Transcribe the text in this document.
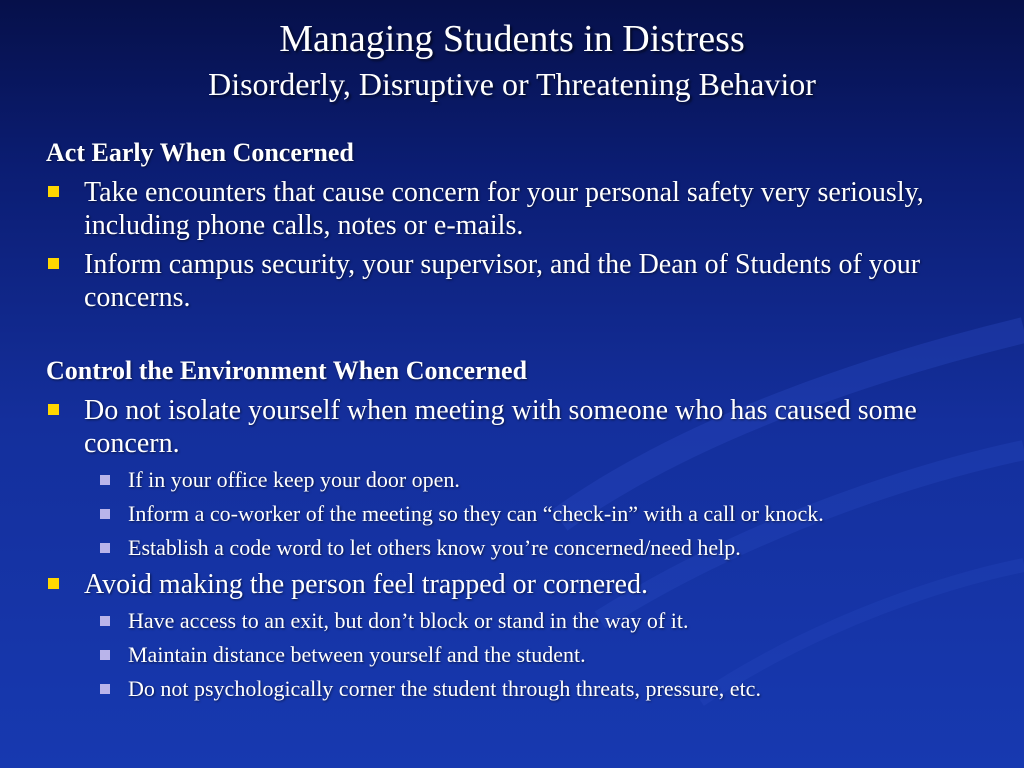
Managing Students in Distress
Disorderly, Disruptive or Threatening Behavior
Act Early When Concerned
Take encounters that cause concern for your personal safety very seriously, including phone calls, notes or e-mails.
Inform campus security, your supervisor, and the Dean of Students of your concerns.
Control the Environment When Concerned
Do not isolate yourself when meeting with someone who has caused some concern.
If in your office keep your door open.
Inform a co-worker of the meeting so they can “check-in” with a call or knock.
Establish a code word to let others know you’re concerned/need help.
Avoid making the person feel trapped or cornered.
Have access to an exit, but don’t block or stand in the way of it.
Maintain distance between yourself and the student.
Do not psychologically corner the student through threats, pressure, etc.
